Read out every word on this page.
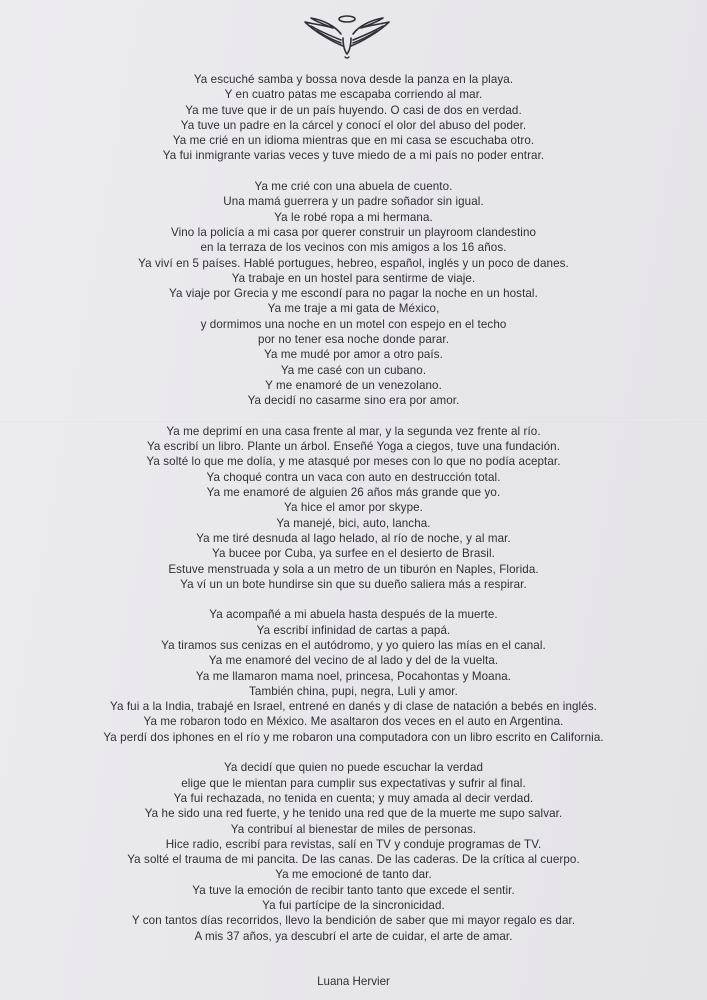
Ya escuché samba y bossa nova desde la panza en la playa.
Y en cuatro patas me escapaba corriendo al mar.
Ya me tuve que ir de un país huyendo. O casi de dos en verdad.
Ya tuve un padre en la cárcel y conocí el olor del abuso del poder.
Ya me crié en un idioma mientras que en mi casa se escuchaba otro.
Ya fui inmigrante varias veces y tuve miedo de a mi país no poder entrar.
Ya me crié con una abuela de cuento.
Una mamá guerrera y un padre soñador sin igual.
Ya le robé ropa a mi hermana.
Vino la policía a mi casa por querer construir un playroom clandestino
en la terraza de los vecinos con mis amigos a los 16 años.
Ya viví en 5 países. Hablé portugues, hebreo, español, inglés y un poco de danes.
Ya trabaje en un hostel para sentirme de viaje.
Ya viaje por Grecia y me escondí para no pagar la noche en un hostal.
Ya me traje a mi gata de México,
y dormimos una noche en un motel con espejo en el techo
por no tener esa noche donde parar.
Ya me mudé por amor a otro país.
Ya me casé con un cubano.
Y me enamoré de un venezolano.
Ya decidí no casarme sino era por amor.
Ya me deprimí en una casa frente al mar, y la segunda vez frente al río.
Ya escribí un libro. Plante un árbol. Enseñé Yoga a ciegos, tuve una fundación.
Ya solté lo que me dolía, y me atasqué por meses con lo que no podía aceptar.
Ya choqué contra un vaca con auto en destrucción total.
Ya me enamoré de alguien 26 años más grande que yo.
Ya hice el amor por skype.
Ya manejé, bici, auto, lancha.
Ya me tiré desnuda al lago helado, al río de noche, y al mar.
Ya bucee por Cuba, ya surfee en el desierto de Brasil.
Estuve menstruada y sola a un metro de un tiburón en Naples, Florida.
Ya ví un un bote hundirse sin que su dueño saliera más a respirar.
Ya acompañé a mi abuela hasta después de la muerte.
Ya escribí infinidad de cartas a papá.
Ya tiramos sus cenizas en el autódromo, y yo quiero las mías en el canal.
Ya me enamoré del vecino de al lado y del de la vuelta.
Ya me llamaron mama noel, princesa, Pocahontas y Moana.
También china, pupi, negra, Luli y amor.
Ya fui a la India, trabajé en Israel, entrené en danés y di clase de natación a bebés en inglés.
Ya me robaron todo en México. Me asaltaron dos veces en el auto en Argentina.
Ya perdí dos iphones en el río y me robaron una computadora con un libro escrito en California.
Ya decidí que quien no puede escuchar la verdad
elige que le mientan para cumplir sus expectativas y sufrir al final.
Ya fui rechazada, no tenida en cuenta; y muy amada al decir verdad.
Ya he sido una red fuerte, y he tenido una red que de la muerte me supo salvar.
Ya contribuí al bienestar de miles de personas.
Hice radio, escribí para revistas, salí en TV y conduje programas de TV.
Ya solté el trauma de mi pancita. De las canas. De las caderas. De la crítica al cuerpo.
Ya me emocioné de tanto dar.
Ya tuve la emoción de recibir tanto tanto que excede el sentir.
Ya fui partícipe de la sincronicidad.
Y con tantos días recorridos, llevo la bendición de saber que mi mayor regalo es dar.
A mis 37 años, ya descubrí el arte de cuidar, el arte de amar.
Luana Hervier
